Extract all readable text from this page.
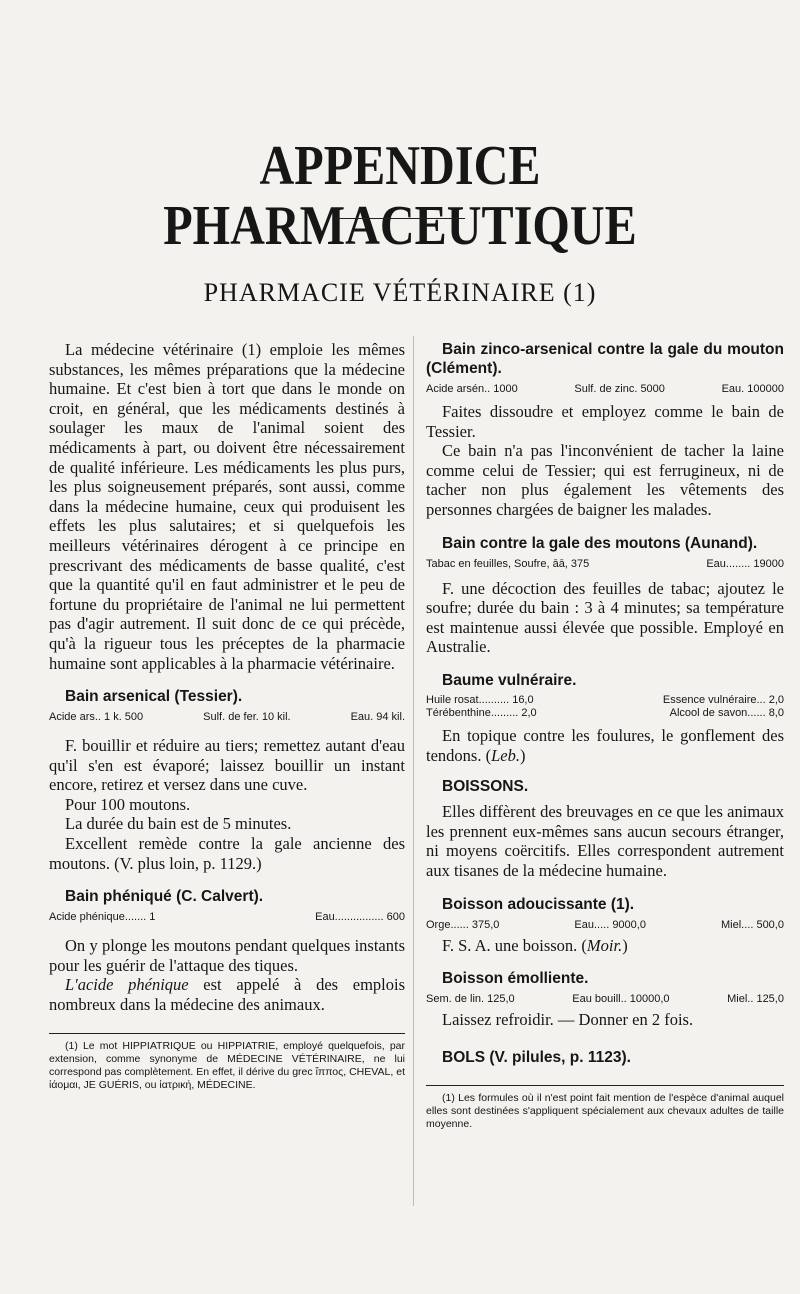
APPENDICE PHARMACEUTIQUE
PHARMACIE VÉTÉRINAIRE (1)

La médecine vétérinaire (1) emploie les mêmes substances, les mêmes préparations que la médecine humaine. Et c'est bien à tort que dans le monde on croit, en général, que les médicaments destinés à soulager les maux de l'animal soient des médicaments à part, ou doivent être nécessairement de qualité inférieure. Les médicaments les plus purs, les plus soigneusement préparés, sont aussi, comme dans la médecine humaine, ceux qui produisent les effets les plus salutaires; et si quelquefois les meilleurs vétérinaires dérogent à ce principe en prescrivant des médicaments de basse qualité, c'est que la quantité qu'il en faut administrer et le peu de fortune du propriétaire de l'animal ne lui permettent pas d'agir autrement. Il suit donc de ce qui précède, qu'à la rigueur tous les préceptes de la pharmacie humaine sont applicables à la pharmacie vétérinaire.

Bain arsenical (Tessier).

Acide ars.. 1 k. 500	Sulf. de fer. 10 kil.	Eau. 94 kil.

F. bouillir et réduire au tiers; remettez autant d'eau qu'il s'en est évaporé; laissez bouillir un instant encore, retirez et versez dans une cuve.

Pour 100 moutons.

La durée du bain est de 5 minutes.

Excellent remède contre la gale ancienne des moutons. (V. plus loin, p. 1129.)

Bain phéniqué (C. Calvert).

Acide phénique....... 1	Eau................ 600

On y plonge les moutons pendant quelques instants pour les guérir de l'attaque des tiques.

L'acide phénique est appelé à des emplois nombreux dans la médecine des animaux.

(1) Le mot HIPPIATRIQUE ou HIPPIATRIE, employé quelquefois, par extension, comme synonyme de MÉDECINE VÉTÉRINAIRE, ne lui correspond pas complètement. En effet, il dérive du grec ἵππος, CHEVAL, et ἰάομαι, JE GUÉRIS, ou ἰατρική, MÉDECINE.

Bain zinco-arsenical contre la gale du mouton (Clément).

Acide arsén.. 1000	Sulf. de zinc. 5000	Eau. 100000

Faites dissoudre et employez comme le bain de Tessier.

Ce bain n'a pas l'inconvénient de tacher la laine comme celui de Tessier; qui est ferrugineux, ni de tacher non plus également les vêtements des personnes chargées de baigner les malades.

Bain contre la gale des moutons (Aunand).

Tabac en feuilles, Soufre, āā, 375	Eau........ 19000

F. une décoction des feuilles de tabac; ajoutez le soufre; durée du bain : 3 à 4 minutes; sa température est maintenue aussi élevée que possible. Employé en Australie.

Baume vulnéraire.

Huile rosat.......... 16,0	Essence vulnéraire... 2,0
Térébenthine......... 2,0	Alcool de savon...... 8,0

En topique contre les foulures, le gonflement des tendons. (Leb.)

BOISSONS.

Elles diffèrent des breuvages en ce que les animaux les prennent eux-mêmes sans aucun secours étranger, ni moyens coërcitifs. Elles correspondent autrement aux tisanes de la médecine humaine.

Boisson adoucissante (1).

Orge...... 375,0	Eau..... 9000,0	Miel.... 500,0

F. S. A. une boisson. (Moir.)

Boisson émolliente.

Sem. de lin. 125,0	Eau bouill.. 10000,0	Miel.. 125,0

Laissez refroidir. — Donner en 2 fois.

BOLS (V. pilules, p. 1123).

(1) Les formules où il n'est point fait mention de l'espèce d'animal auquel elles sont destinées s'appliquent spécialement aux chevaux adultes de taille moyenne.
